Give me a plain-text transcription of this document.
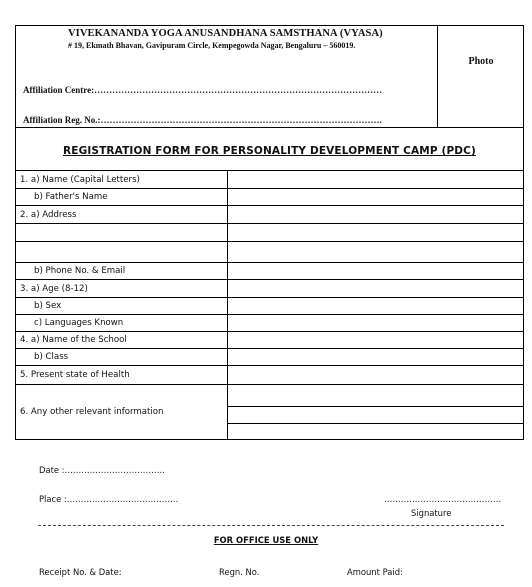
VIVEKANANDA YOGA ANUSANDHANA SAMSTHANA (VYASA)
# 19, Ekmath Bhavan, Gavipuram Circle, Kempegowda Nagar, Bengaluru – 560019.
Affiliation Centre:……………………………………………………………………………………
Affiliation Reg. No.:………………………………………………………………………………….
Photo
REGISTRATION FORM FOR PERSONALITY DEVELOPMENT CAMP (PDC)
1. a) Name (Capital Letters)	
b) Father's Name	
2. a) Address	

b) Phone No. & Email	
3. a) Age (8-12)	
b) Sex	
c) Languages Known	
4. a) Name of the School	
b) Class	
5. Present state of Health	
6. Any other relevant information	

Date :………………………………
Place :………………………………….	……………………………………
Signature
FOR OFFICE USE ONLY
Receipt No. & Date:	Regn. No.	Amount Paid:
